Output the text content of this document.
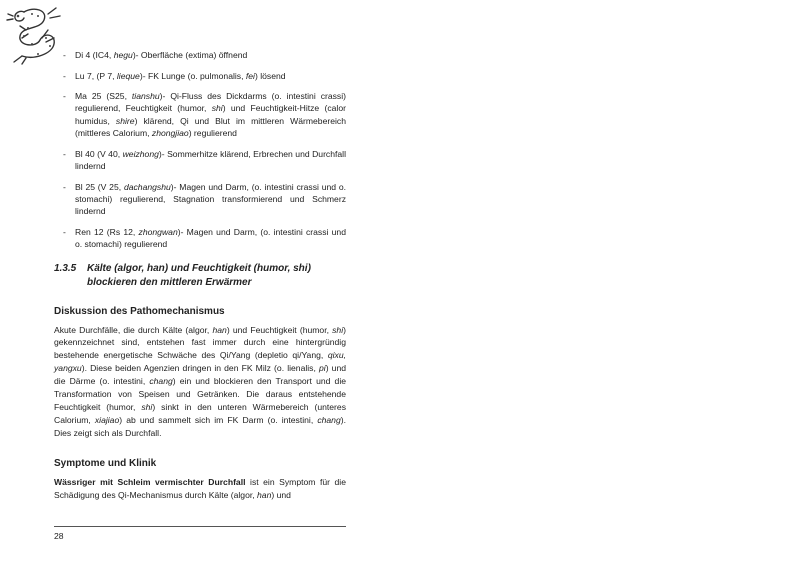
- Di 4 (IC4, hegu)- Oberfläche (extima) öffnend
- Lu 7, (P 7, lieque)- FK Lunge (o. pulmonalis, fei) lösend
- Ma 25 (S25, tianshu)- Qi-Fluss des Dickdarms (o. intestini crassi) regulierend, Feuchtigkeit (humor, shi) und Feuchtigkeit-Hitze (calor humidus, shire) klärend, Qi und Blut im mittleren Wärmebereich (mittleres Calorium, zhongjiao) regulierend
- Bl 40 (V 40, weizhong)- Sommerhitze klärend, Erbrechen und Durchfall lindernd
- Bl 25 (V 25, dachangshu)- Magen und Darm, (o. intestini crassi und o. stomachi) regulierend, Stagnation transformierend und Schmerz lindernd
- Ren 12 (Rs 12, zhongwan)- Magen und Darm, (o. intestini crassi und o. stomachi) regulierend
1.3.5 Kälte (algor, han) und Feuchtigkeit (humor, shi)
blockieren den mittleren Erwärmer
Diskussion des Pathomechanismus

Akute Durchfälle, die durch Kälte (algor, han) und Feuchtigkeit (humor, shi) gekennzeichnet sind, entstehen fast immer durch eine hintergründig bestehende energetische Schwäche des Qi/Yang (depletio qi/Yang, qixu, yangxu). Diese beiden Agenzien dringen in den FK Milz (o. lienalis, pi) und die Därme (o. intestini, chang) ein und blockieren den Transport und die Transformation von Speisen und Getränken. Die daraus entstehende Feuchtigkeit (humor, shi) sinkt in den unteren Wärmebereich (unteres Calorium, xiajiao) ab und sammelt sich im FK Darm (o. intestini, chang). Dies zeigt sich als Durchfall.

Symptome und Klinik

Wässriger mit Schleim vermischter Durchfall ist ein Symptom für die Schädigung des Qi-Mechanismus durch Kälte (algor, han) und

28
